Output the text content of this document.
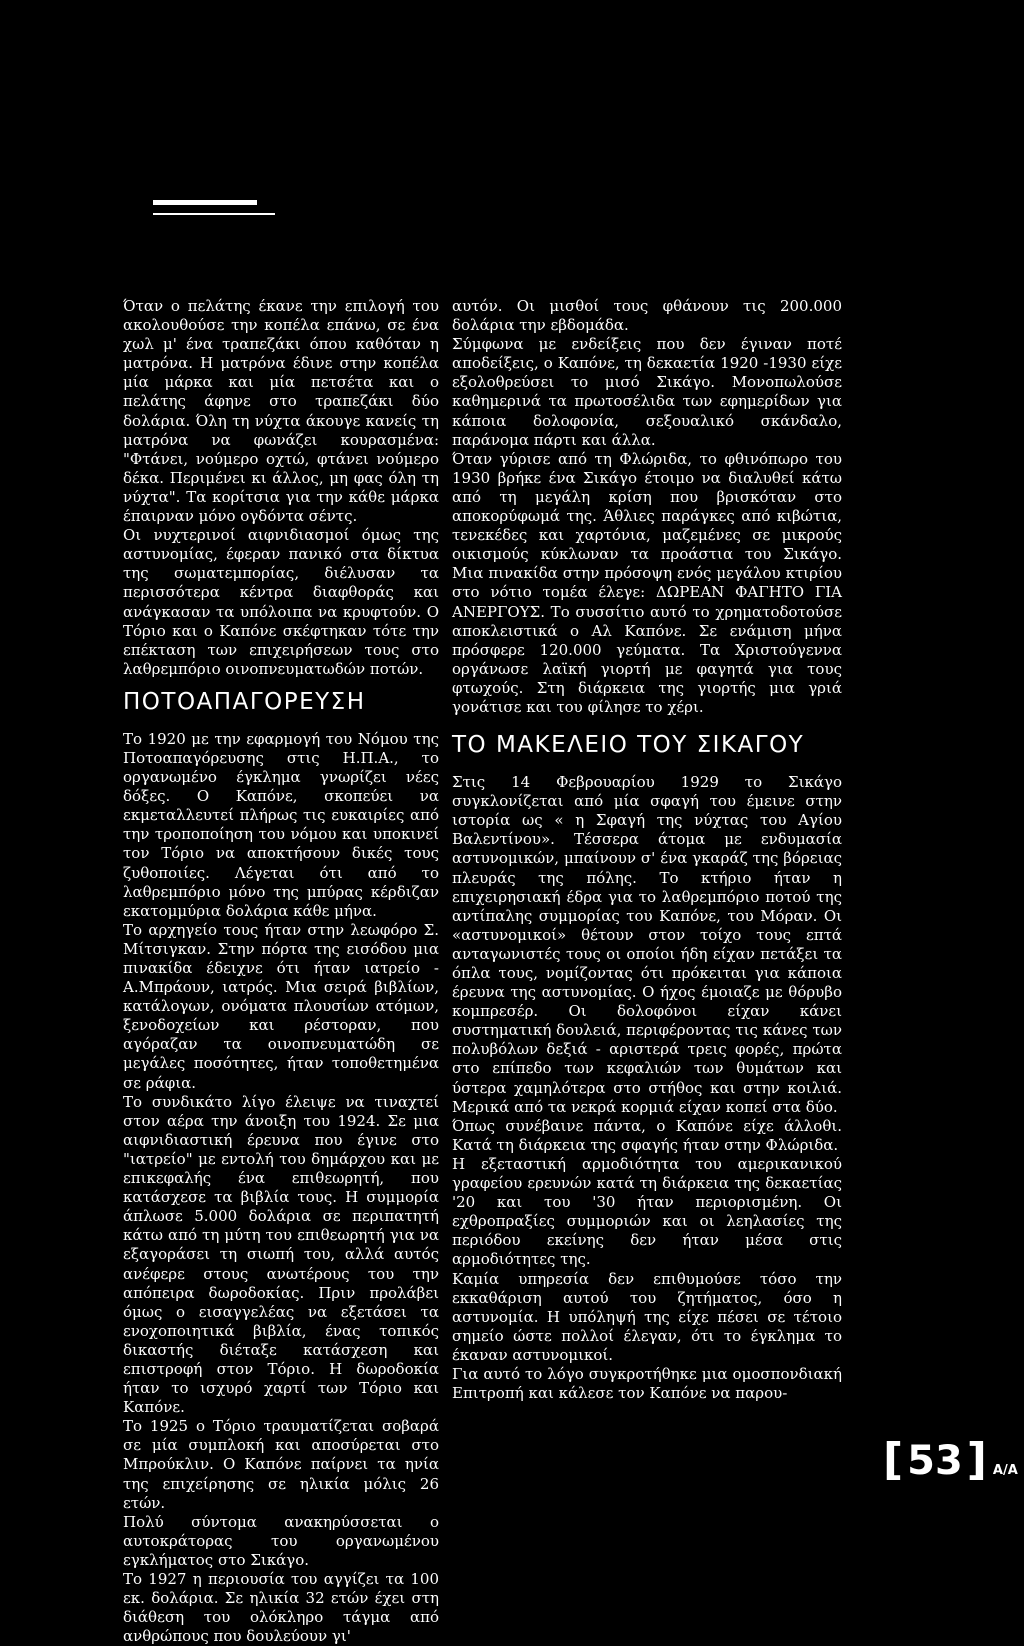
Όταν ο πελάτης έκανε την επιλογή του ακολουθούσε την κοπέλα επάνω, σε ένα χωλ μ' ένα τραπεζάκι όπου καθόταν η ματρόνα. Η ματρόνα έδινε στην κοπέλα μία μάρκα και μία πετσέτα και ο πελάτης άφηνε στο τραπεζάκι δύο δολάρια. Όλη τη νύχτα άκουγε κανείς τη ματρόνα να φωνάζει κουρασμένα: "Φτάνει, νούμερο οχτώ, φτάνει νούμερο δέκα. Περιμένει κι άλλος, μη φας όλη τη νύχτα". Τα κορίτσια για την κάθε μάρκα έπαιρναν μόνο ογδόντα σέντς.

Οι νυχτερινοί αιφνιδιασμοί όμως της αστυνομίας, έφεραν πανικό στα δίκτυα της σωματεμπορίας, διέλυσαν τα περισσότερα κέντρα διαφθοράς και ανάγκασαν τα υπόλοιπα να κρυφτούν. Ο Τόριο και ο Καπόνε σκέφτηκαν τότε την επέκταση των επιχειρήσεων τους στο λαθρεμπόριο οινοπνευματωδών ποτών.

ΠΟΤΟΑΠΑΓΟΡΕΥΣΗ

Το 1920 με την εφαρμογή του Νόμου της Ποτοαπαγόρευσης στις Η.Π.Α., το οργανωμένο έγκλημα γνωρίζει νέες δόξες. Ο Καπόνε, σκοπεύει να εκμεταλλευτεί πλήρως τις ευκαιρίες από την τροποποίηση του νόμου και υποκινεί τον Τόριο να αποκτήσουν δικές τους ζυθοποιίες. Λέγεται ότι από το λαθρεμπόριο μόνο της μπύρας κέρδιζαν εκατομμύρια δολάρια κάθε μήνα.

Το αρχηγείο τους ήταν στην λεωφόρο Σ. Μίτσιγκαν. Στην πόρτα της εισόδου μια πινακίδα έδειχνε ότι ήταν ιατρείο - Α.Μπράουν, ιατρός. Μια σειρά βιβλίων, κατάλογων, ονόματα πλουσίων ατόμων, ξενοδοχείων και ρέστοραν, που αγόραζαν τα οινοπνευματώδη σε μεγάλες ποσότητες, ήταν τοποθετημένα σε ράφια.

Το συνδικάτο λίγο έλειψε να τιναχτεί στον αέρα την άνοιξη του 1924. Σε μια αιφνιδιαστική έρευνα που έγινε στο "ιατρείο" με εντολή του δημάρχου και με επικεφαλής ένα επιθεωρητή, που κατάσχεσε τα βιβλία τους. Η συμμορία άπλωσε 5.000 δολάρια σε περιπατητή κάτω από τη μύτη του επιθεωρητή για να εξαγοράσει τη σιωπή του, αλλά αυτός ανέφερε στους ανωτέρους του την απόπειρα δωροδοκίας. Πριν προλάβει όμως ο εισαγγελέας να εξετάσει τα ενοχοποιητικά βιβλία, ένας τοπικός δικαστής διέταξε κατάσχεση και επιστροφή στον Τόριο. Η δωροδοκία ήταν το ισχυρό χαρτί των Τόριο και Καπόνε.

Το 1925 ο Τόριο τραυματίζεται σοβαρά σε μία συμπλοκή και αποσύρεται στο Μπρούκλιν. Ο Καπόνε παίρνει τα ηνία της επιχείρησης σε ηλικία μόλις 26 ετών.

Πολύ σύντομα ανακηρύσσεται ο αυτοκράτορας του οργανωμένου εγκλήματος στο Σικάγο.

Το 1927 η περιουσία του αγγίζει τα 100 εκ. δολάρια. Σε ηλικία 32 ετών έχει στη διάθεση του ολόκληρο τάγμα από ανθρώπους που δουλεύουν γι'

αυτόν. Οι μισθοί τους φθάνουν τις 200.000 δολάρια την εβδομάδα.

Σύμφωνα με ενδείξεις που δεν έγιναν ποτέ αποδείξεις, ο Καπόνε, τη δεκαετία 1920 -1930 είχε εξολοθρεύσει το μισό Σικάγο. Μονοπωλούσε καθημερινά τα πρωτοσέλιδα των εφημερίδων για κάποια δολοφονία, σεξουαλικό σκάνδαλο, παράνομα πάρτι και άλλα.

Όταν γύρισε από τη Φλώριδα, το φθινόπωρο του 1930 βρήκε ένα Σικάγο έτοιμο να διαλυθεί κάτω από τη μεγάλη κρίση που βρισκόταν στο αποκορύφωμά της. Άθλιες παράγκες από κιβώτια, τενεκέδες και χαρτόνια, μαζεμένες σε μικρούς οικισμούς κύκλωναν τα προάστια του Σικάγο. Μια πινακίδα στην πρόσοψη ενός μεγάλου κτιρίου στο νότιο τομέα έλεγε: ΔΩΡΕΑΝ ΦΑΓΗΤΟ ΓΙΑ ΑΝΕΡΓΟΥΣ. Το συσσίτιο αυτό το χρηματοδοτούσε αποκλειστικά ο Αλ Καπόνε. Σε ενάμιση μήνα πρόσφερε 120.000 γεύματα. Τα Χριστούγεννα οργάνωσε λαϊκή γιορτή με φαγητά για τους φτωχούς. Στη διάρκεια της γιορτής μια γριά γονάτισε και του φίλησε το χέρι.

ΤΟ ΜΑΚΕΛΕΙΟ ΤΟΥ ΣΙΚΑΓΟΥ

Στις 14 Φεβρουαρίου 1929 το Σικάγο συγκλονίζεται από μία σφαγή του έμεινε στην ιστορία ως « η Σφαγή της νύχτας του Αγίου Βαλεντίνου». Τέσσερα άτομα με ενδυμασία αστυνομικών, μπαίνουν σ' ένα γκαράζ της βόρειας πλευράς της πόλης. Το κτήριο ήταν η επιχειρησιακή έδρα για το λαθρεμπόριο ποτού της αντίπαλης συμμορίας του Καπόνε, του Μόραν. Οι «αστυνομικοί» θέτουν στον τοίχο τους επτά ανταγωνιστές τους οι οποίοι ήδη είχαν πετάξει τα όπλα τους, νομίζοντας ότι πρόκειται για κάποια έρευνα της αστυνομίας. Ο ήχος έμοιαζε με θόρυβο κομπρεσέρ. Οι δολοφόνοι είχαν κάνει συστηματική δουλειά, περιφέροντας τις κάνες των πολυβόλων δεξιά - αριστερά τρεις φορές, πρώτα στο επίπεδο των κεφαλιών των θυμάτων και ύστερα χαμηλότερα στο στήθος και στην κοιλιά. Μερικά από τα νεκρά κορμιά είχαν κοπεί στα δύο.

Όπως συνέβαινε πάντα, ο Καπόνε είχε άλλοθι. Κατά τη διάρκεια της σφαγής ήταν στην Φλώριδα.

Η εξεταστική αρμοδιότητα του αμερικανικού γραφείου ερευνών κατά τη διάρκεια της δεκαετίας '20 και του '30 ήταν περιορισμένη. Οι εχθροπραξίες συμμοριών και οι λεηλασίες της περιόδου εκείνης δεν ήταν μέσα στις αρμοδιότητες της.

Καμία υπηρεσία δεν επιθυμούσε τόσο την εκκαθάριση αυτού του ζητήματος, όσο η αστυνομία. Η υπόληψή της είχε πέσει σε τέτοιο σημείο ώστε πολλοί έλεγαν, ότι το έγκλημα το έκαναν αστυνομικοί.

Για αυτό το λόγο συγκροτήθηκε μια ομοσπονδιακή Επιτροπή και κάλεσε τον Καπόνε να παρου-

[ 53 ] A/A
